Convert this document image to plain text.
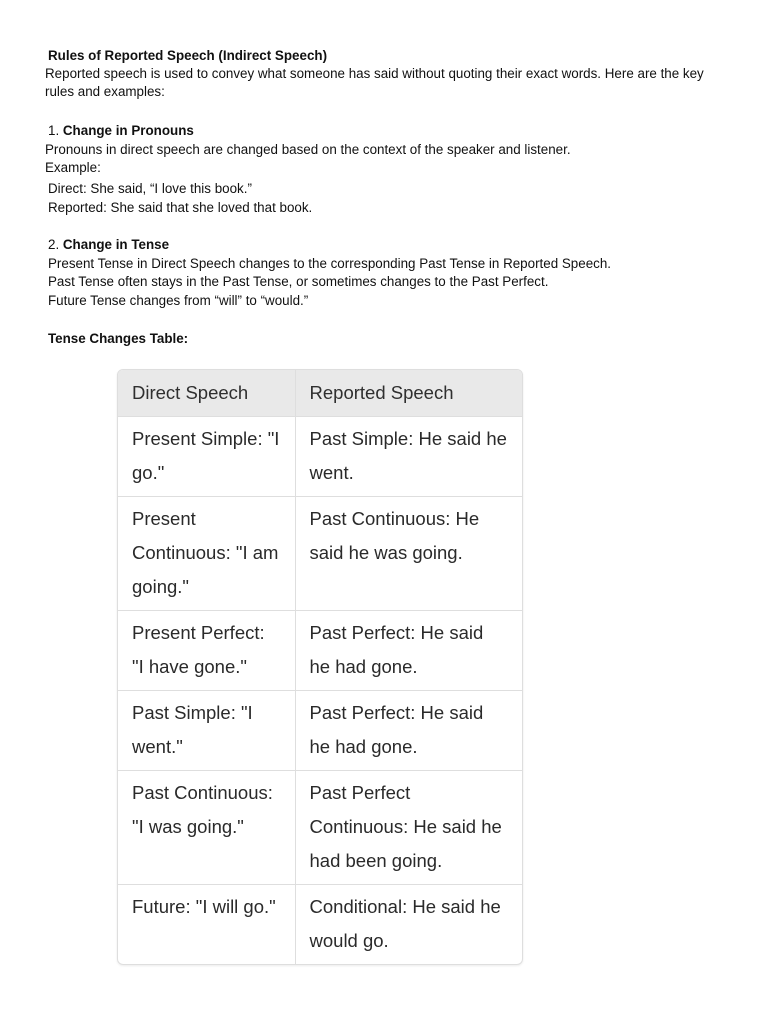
Rules of Reported Speech (Indirect Speech)
Reported speech is used to convey what someone has said without quoting their exact words. Here are the key rules and examples:
1. Change in Pronouns
Pronouns in direct speech are changed based on the context of the speaker and listener.
Example:
Direct: She said, “I love this book.”
Reported: She said that she loved that book.
2. Change in Tense
Present Tense in Direct Speech changes to the corresponding Past Tense in Reported Speech.
Past Tense often stays in the Past Tense, or sometimes changes to the Past Perfect.
Future Tense changes from “will” to “would.”
Tense Changes Table:
Direct Speech	Reported Speech
Present Simple: "I go."	Past Simple: He said he went.
Present Continuous: "I am going."	Past Continuous: He said he was going.
Present Perfect: "I have gone."	Past Perfect: He said he had gone.
Past Simple: "I went."	Past Perfect: He said he had gone.
Past Continuous: "I was going."	Past Perfect Continuous: He said he had been going.
Future: "I will go."	Conditional: He said he would go.
